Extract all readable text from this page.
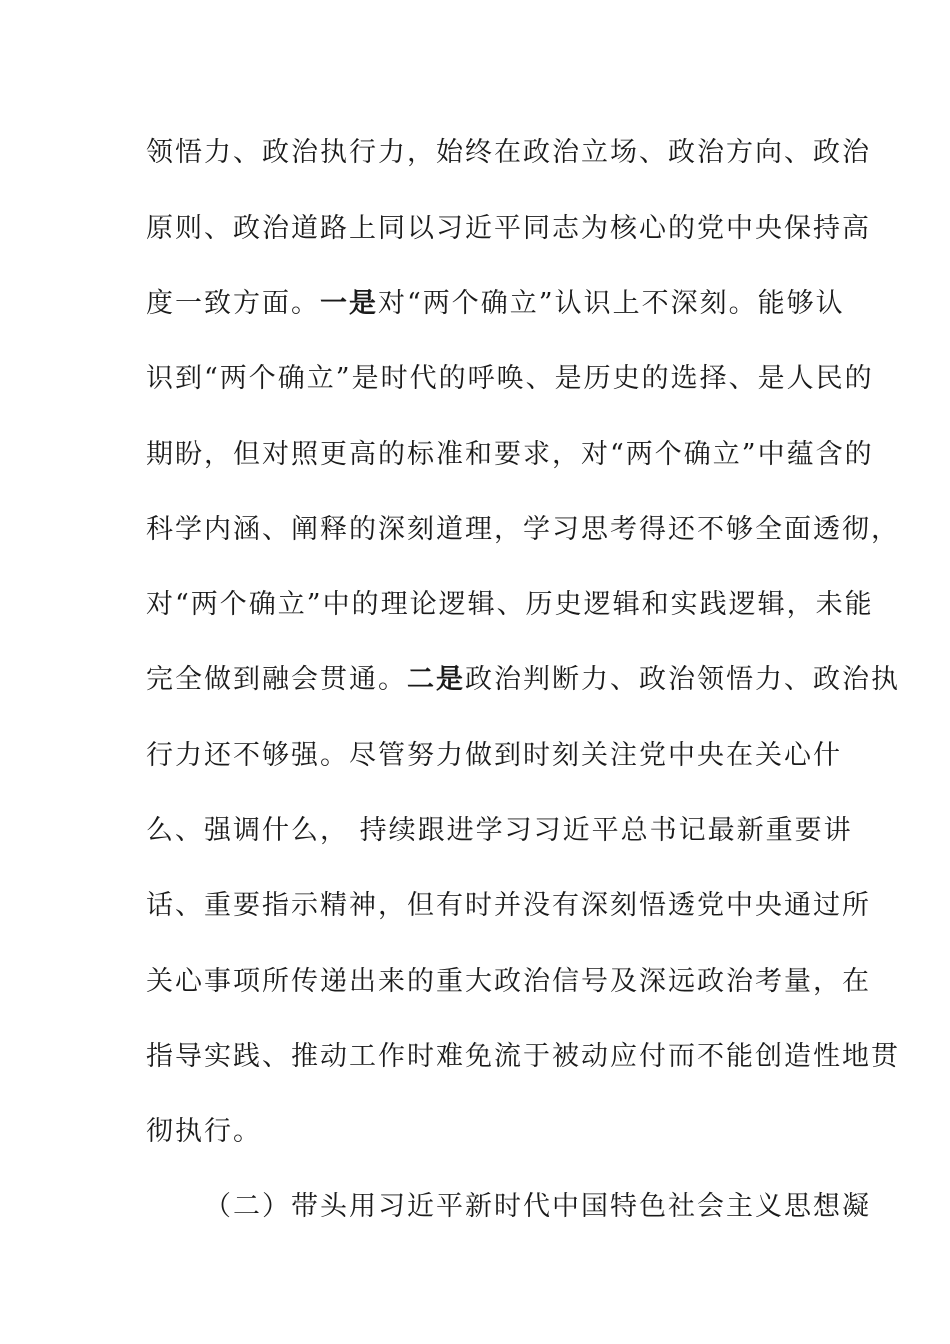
领悟力、政治执行力，始终在政治立场、政治方向、政治
原则、政治道路上同以习近平同志为核心的党中央保持高
度一致方面。一是对“两个确立”认识上不深刻。能够认
识到“两个确立”是时代的呼唤、是历史的选择、是人民的
期盼，但对照更高的标准和要求，对“两个确立”中蕴含的
科学内涵、阐释的深刻道理，学习思考得还不够全面透彻，
对“两个确立”中的理论逻辑、历史逻辑和实践逻辑，未能
完全做到融会贯通。二是政治判断力、政治领悟力、政治执
行力还不够强。尽管努力做到时刻关注党中央在关心什
么、强调什么， 持续跟进学习习近平总书记最新重要讲
话、重要指示精神，但有时并没有深刻悟透党中央通过所
关心事项所传递出来的重大政治信号及深远政治考量，在
指导实践、推动工作时难免流于被动应付而不能创造性地贯
彻执行。
（二）带头用习近平新时代中国特色社会主义思想凝
